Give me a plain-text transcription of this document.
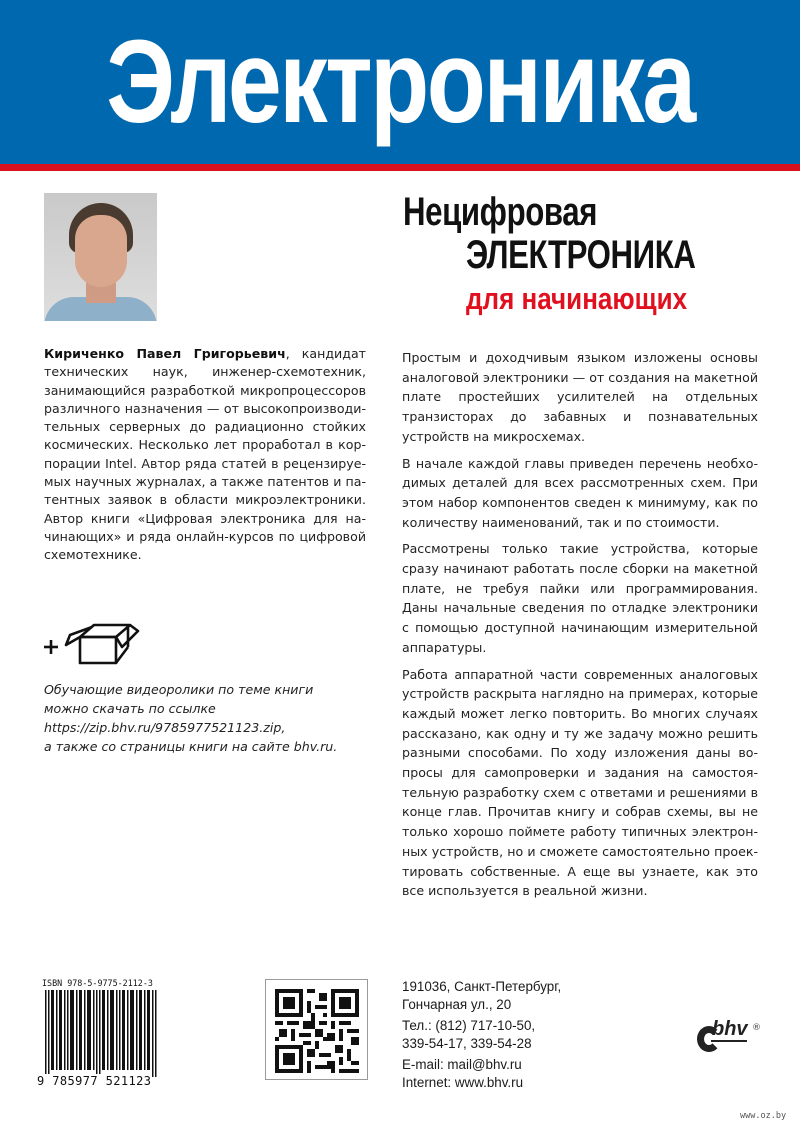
Электроника
Нецифровая
ЭЛЕКТРОНИКА
для начинающих
Кириченко Павел Григорьевич, кандидат технических наук, инженер-схемотехник, занимающийся разработкой микропроцессоров различного назначения — от высокопроизводительных серверных до радиационно стойких космических. Несколько лет проработал в корпорации Intel. Автор ряда статей в рецензируемых научных журналах, а также патентов и патентных заявок в области микроэлектроники. Автор книги «Цифровая электроника для начинающих» и ряда онлайн-курсов по цифровой схемотехнике.

Простым и доходчивым языком изложены основы аналоговой электроники — от создания на макетной плате простейших усилителей на отдельных транзисторах до забавных и познавательных устройств на микросхемах.

В начале каждой главы приведен перечень необходимых деталей для всех рассмотренных схем. При этом набор компонентов сведен к минимуму, как по количеству наименований, так и по стоимости.

Рассмотрены только такие устройства, которые сразу начинают работать после сборки на макетной плате, не требуя пайки или программирования. Даны начальные сведения по отладке электроники с помощью доступной начинающим измерительной аппаратуры.

Работа аппаратной части современных аналоговых устройств раскрыта наглядно на примерах, которые каждый может легко повторить. Во многих случаях рассказано, как одну и ту же задачу можно решить разными способами. По ходу изложения даны вопросы для самопроверки и задания на самостоятельную разработку схем с ответами и решениями в конце глав. Прочитав книгу и собрав схемы, вы не только хорошо поймете работу типичных электронных устройств, но и сможете самостоятельно проектировать собственные. А еще вы узнаете, как это все используется в реальной жизни.

Обучающие видеоролики по теме книги
можно скачать по ссылке
https://zip.bhv.ru/9785977521123.zip,
а также со страницы книги на сайте bhv.ru.
ISBN 978-5-9775-2112-3
9 785977 521123
191036, Санкт-Петербург,
Гончарная ул., 20
Тел.: (812) 717-10-50,
339-54-17, 339-54-28
E-mail: mail@bhv.ru
Internet: www.bhv.ru
bhv ®
www.oz.by
